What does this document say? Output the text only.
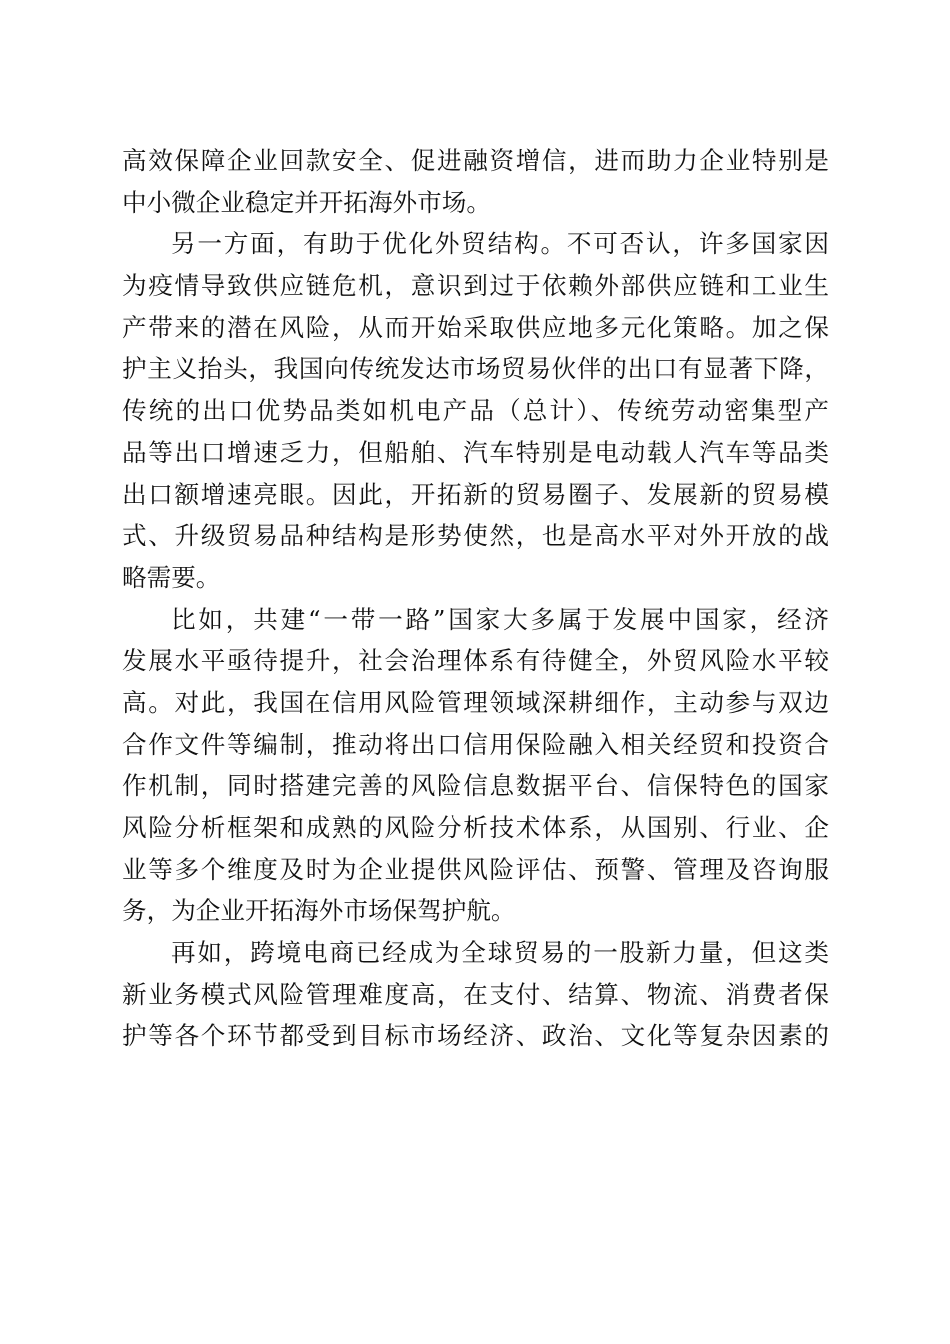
高效保障企业回款安全、促进融资增信，进而助力企业特别是
中小微企业稳定并开拓海外市场。
另一方面，有助于优化外贸结构。不可否认，许多国家因
为疫情导致供应链危机，意识到过于依赖外部供应链和工业生
产带来的潜在风险，从而开始采取供应地多元化策略。加之保
护主义抬头，我国向传统发达市场贸易伙伴的出口有显著下降，
传统的出口优势品类如机电产品（总计）、传统劳动密集型产
品等出口增速乏力，但船舶、汽车特别是电动载人汽车等品类
出口额增速亮眼。因此，开拓新的贸易圈子、发展新的贸易模
式、升级贸易品种结构是形势使然，也是高水平对外开放的战
略需要。
比如，共建“一带一路”国家大多属于发展中国家，经济
发展水平亟待提升，社会治理体系有待健全，外贸风险水平较
高。对此，我国在信用风险管理领域深耕细作，主动参与双边
合作文件等编制，推动将出口信用保险融入相关经贸和投资合
作机制，同时搭建完善的风险信息数据平台、信保特色的国家
风险分析框架和成熟的风险分析技术体系，从国别、行业、企
业等多个维度及时为企业提供风险评估、预警、管理及咨询服
务，为企业开拓海外市场保驾护航。
再如，跨境电商已经成为全球贸易的一股新力量，但这类
新业务模式风险管理难度高，在支付、结算、物流、消费者保
护等各个环节都受到目标市场经济、政治、文化等复杂因素的
